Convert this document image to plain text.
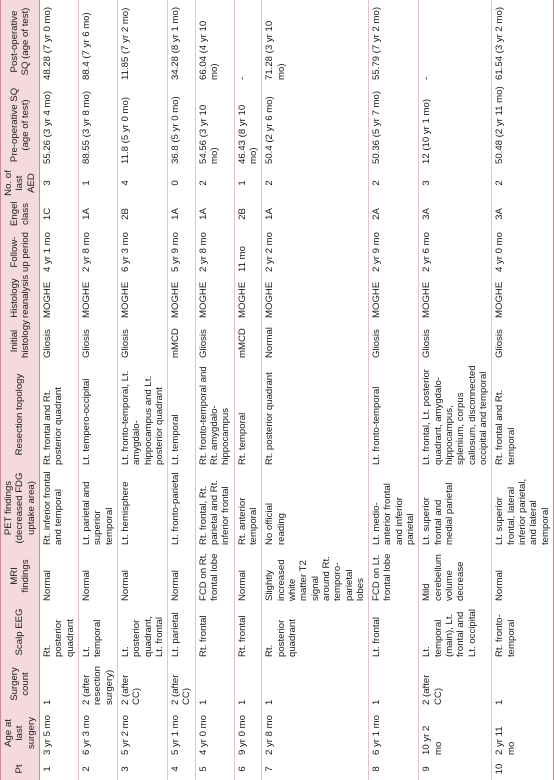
Pt	Age at last surgery	Surgery count	Scalp EEG	MRI findings	PET findings (decreased FDG uptake area)	Resection topology	Initial histology	Histology reanalysis	Follow-up period	Engel class	No. of last AED	Pre-operative SQ (age of test)	Post-operative SQ (age of test)
1	3 yr 5 mo	1	Rt. posterior quadrant	Normal	Rt. inferior frontal and temporal	Rt. frontal and Rt. posterior quadrant	Gliosis	MOGHE	4 yr 1 mo	1C	3	55.26 (3 yr 4 mo)	48.28 (7 yr 0 mo)
2	6 yr 3 mo	2 (after resection surgery)	Lt. temporal	Normal	Lt. parietal and superior temporal	Lt. tempero-occipital	Gliosis	MOGHE	2 yr 8 mo	1A	1	88.55 (3 yr 8 mo)	88.4 (7 yr 6 mo)
3	5 yr 2 mo	2 (after CC)	Lt. posterior quadrant, Lt. frontal	Normal	Lt. hemisphere	Lt. fronto-temporal, Lt. amygdalo-hippocampus and Lt. posterior quadrant	Gliosis	MOGHE	6 yr 3 mo	2B	4	11.8 (5 yr 0 mo)	11.85 (7 yr 2 mo)
4	5 yr 1 mo	2 (after CC)	Lt. parietal	Normal	Lt. fronto-parietal	Lt. temporal	mMCD	MOGHE	5 yr 9 mo	1A	0	36.8 (5 yr 0 mo)	34.28 (8 yr 1 mo)
5	4 yr 0 mo	1	Rt. frontal	FCD on Rt. frontal lobe	Rt. frontal, Rt. parietal and Rt. inferior frontal	Rt. fronto-temporal and Rt. amygdalo-hippocampus	Gliosis	MOGHE	2 yr 8 mo	1A	2	54.56 (3 yr 10 mo)	66.04 (4 yr 10 mo)
6	9 yr 0 mo	1	Rt. frontal	Normal	Rt. anterior temporal	Rt. temporal	mMCD	MOGHE	11 mo	2B	1	46.43 (8 yr 10 mo)	-
7	2 yr 8 mo	1	Rt. posterior quadrant	Slightly increased white matter T2 signal around Rt. temporo-parietal lobes	No official reading	Rt. posterior quadrant	Normal	MOGHE	2 yr 2 mo	1A	2	50.4 (2 yr 6 mo)	71.28 (3 yr 10 mo)
8	6 yr 1 mo	1	Lt. frontal	FCD on Lt. frontal lobe	Lt. medio-anterior frontal and inferior parietal	Lt. fronto-temporal	Gliosis	MOGHE	2 yr 9 mo	2A	2	50.36 (5 yr 7 mo)	55.79 (7 yr 2 mo)
9	10 yr 2 mo	2 (after CC)	Lt. temporal (main), Lt. frontal and Lt. occipital	Mild cerebellum volume decrease	Lt. superior frontal and medial parietal	Lt. frontal, Lt. posterior quadrant, amygdalo-hippocampus, splenium, corpus callosum, disconnected occipital and temporal	Gliosis	MOGHE	2 yr 6 mo	3A	3	12 (10 yr 1 mo)	-
10	2 yr 11 mo	1	Rt. fronto-temporal	Normal	Lt. superior frontal, lateral inferior parietal, and lateral temporal	Rt. frontal and Rt. temporal	Gliosis	MOGHE	4 yr 0 mo	3A	2	50.48 (2 yr 11 mo)	61.54 (3 yr 2 mo)
